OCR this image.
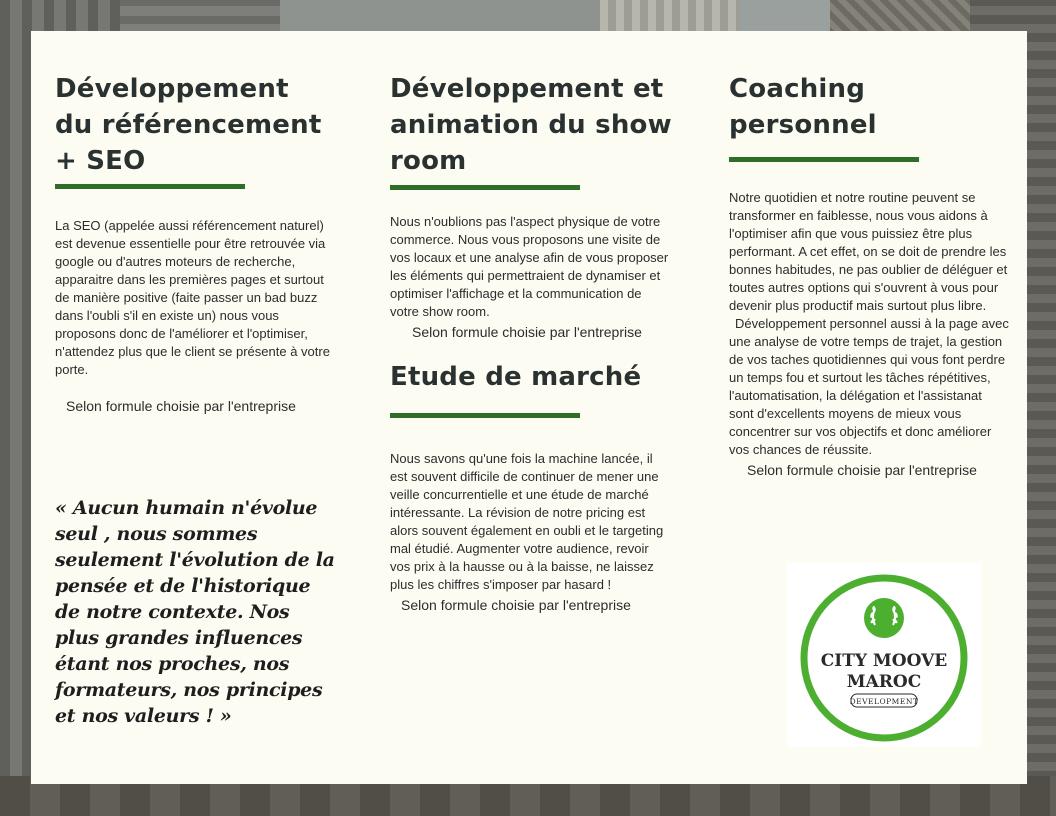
Développement du référencement + SEO

La SEO (appelée aussi référencement naturel) est devenue essentielle pour être retrouvée via google ou d'autres moteurs de recherche, apparaitre dans les premières pages et surtout de manière positive (faite passer un bad buzz dans l'oubli s'il en existe un) nous vous proposons donc de l'améliorer et l'optimiser, n'attendez plus que le client se présente à votre porte.

Selon formule choisie par l'entreprise

« Aucun humain n'évolue seul , nous sommes seulement l'évolution de la pensée et de l'historique de notre contexte. Nos plus grandes influences étant nos proches, nos formateurs, nos principes et nos valeurs ! »

Développement et animation du show room

Nous n'oublions pas l'aspect physique de votre commerce. Nous vous proposons une visite de vos locaux et une analyse afin de vous proposer les éléments qui permettraient de dynamiser et optimiser l'affichage et la communication de votre show room.

Selon formule choisie par l'entreprise

Etude de marché

Nous savons qu'une fois la machine lancée, il est souvent difficile de continuer de mener une veille concurrentielle et une étude de marché intéressante. La révision de notre pricing est alors souvent également en oubli et le targeting mal étudié. Augmenter votre audience, revoir vos prix à la hausse ou à la baisse, ne laissez plus les chiffres s'imposer par hasard !

Selon formule choisie par l'entreprise

Coaching personnel

Notre quotidien et notre routine peuvent se transformer en faiblesse, nous vous aidons à l'optimiser afin que vous puissiez être plus performant. A cet effet, on se doit de prendre les bonnes habitudes, ne pas oublier de déléguer et toutes autres options qui s'ouvrent à vous pour devenir plus productif mais surtout plus libre.

Développement personnel aussi à la page avec une analyse de votre temps de trajet, la gestion de vos taches quotidiennes qui vous font perdre un temps fou et surtout les tâches répétitives, l'automatisation, la délégation et l'assistanat sont d'excellents moyens de mieux vous concentrer sur vos objectifs et donc améliorer vos chances de réussite.

Selon formule choisie par l'entreprise

CITY MOOVE
MAROC
DEVELOPMENT
